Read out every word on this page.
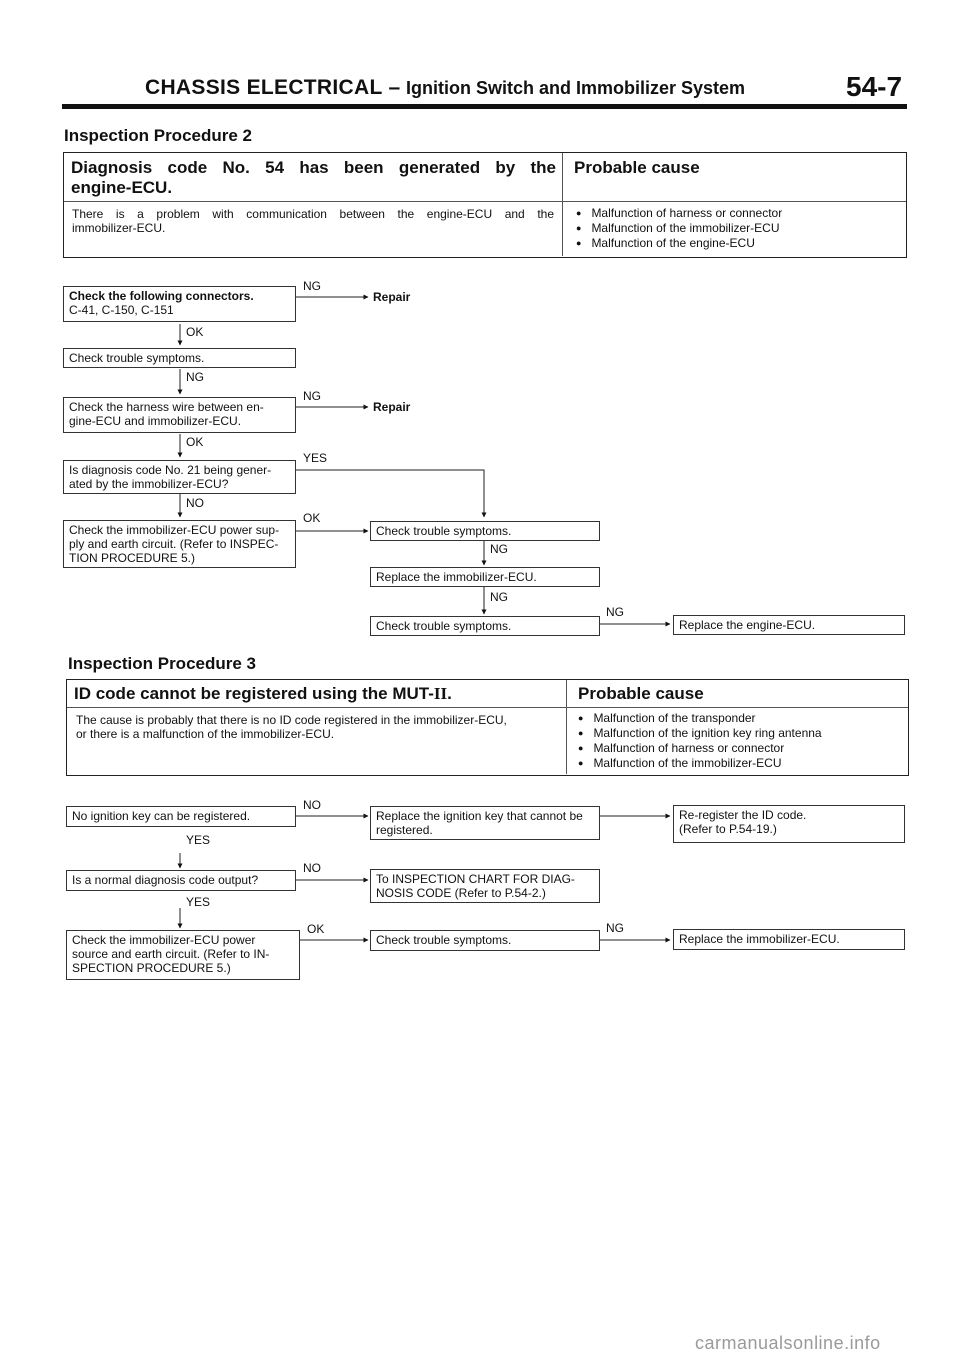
CHASSIS ELECTRICAL – Ignition Switch and Immobilizer System	54-7
Inspection Procedure 2
Diagnosis code No. 54 has been generated by the
engine-ECU.
Probable cause
There is a problem with communication between the engine-ECU and the
immobilizer-ECU.
● Malfunction of harness or connector
● Malfunction of the immobilizer-ECU
● Malfunction of the engine-ECU
Check the following connectors.
C-41, C-150, C-151
NG
Repair
OK
Check trouble symptoms.
NG
Check the harness wire between en-
gine-ECU and immobilizer-ECU.
NG
Repair
OK
Is diagnosis code No. 21 being gener-
ated by the immobilizer-ECU?
YES
NO
Check the immobilizer-ECU power sup-
ply and earth circuit. (Refer to INSPEC-
TION PROCEDURE 5.)
OK
Check trouble symptoms.
NG
Replace the immobilizer-ECU.
NG
Check trouble symptoms.
NG
Replace the engine-ECU.
Inspection Procedure 3
ID code cannot be registered using the MUT-II.	Probable cause
The cause is probably that there is no ID code registered in the immobilizer-ECU,
or there is a malfunction of the immobilizer-ECU.
● Malfunction of the transponder
● Malfunction of the ignition key ring antenna
● Malfunction of harness or connector
● Malfunction of the immobilizer-ECU
No ignition key can be registered.
NO
YES
Replace the ignition key that cannot be
registered.
Re-register the ID code.
(Refer to P.54-19.)
Is a normal diagnosis code output?
NO
YES
To INSPECTION CHART FOR DIAG-
NOSIS CODE (Refer to P.54-2.)
Check the immobilizer-ECU power
source and earth circuit. (Refer to IN-
SPECTION PROCEDURE 5.)
OK
Check trouble symptoms.
NG
Replace the immobilizer-ECU.
carmanualsonline.info
